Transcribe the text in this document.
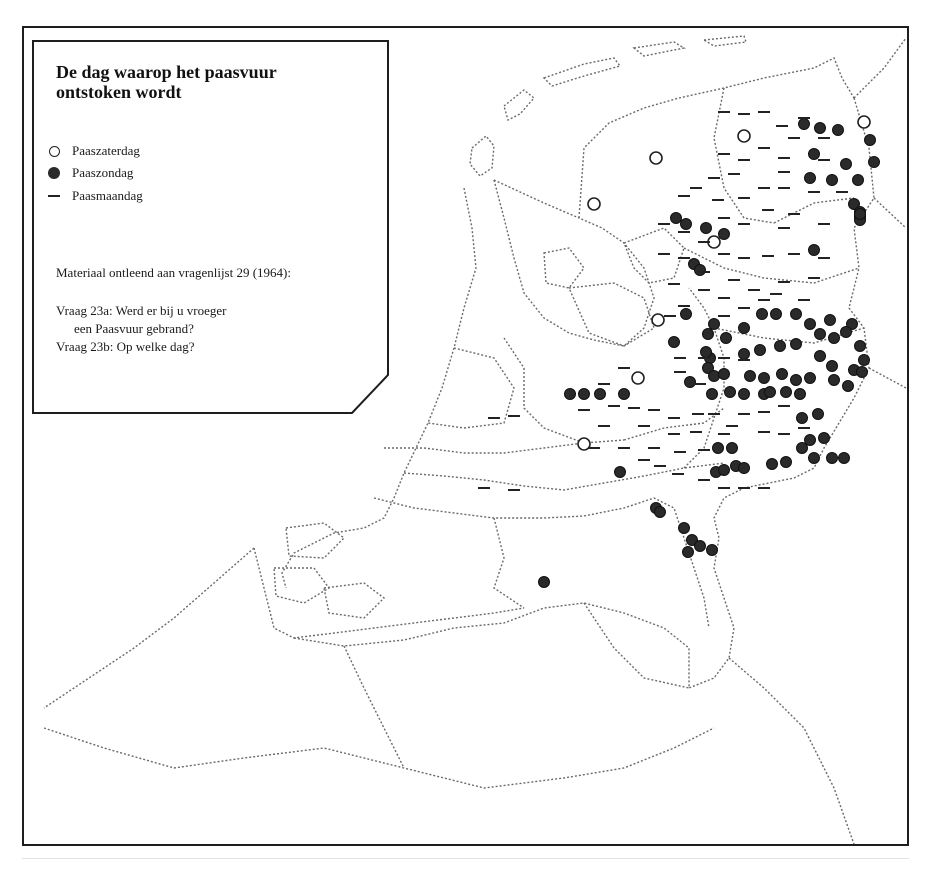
De dag waarop het paasvuur
ontstoken wordt
Paaszaterdag
Paaszondag
Paasmaandag
Materiaal ontleend aan vragenlijst 29 (1964):
Vraag 23a: Werd er bij u vroeger
een Paasvuur gebrand?
Vraag 23b: Op welke dag?
